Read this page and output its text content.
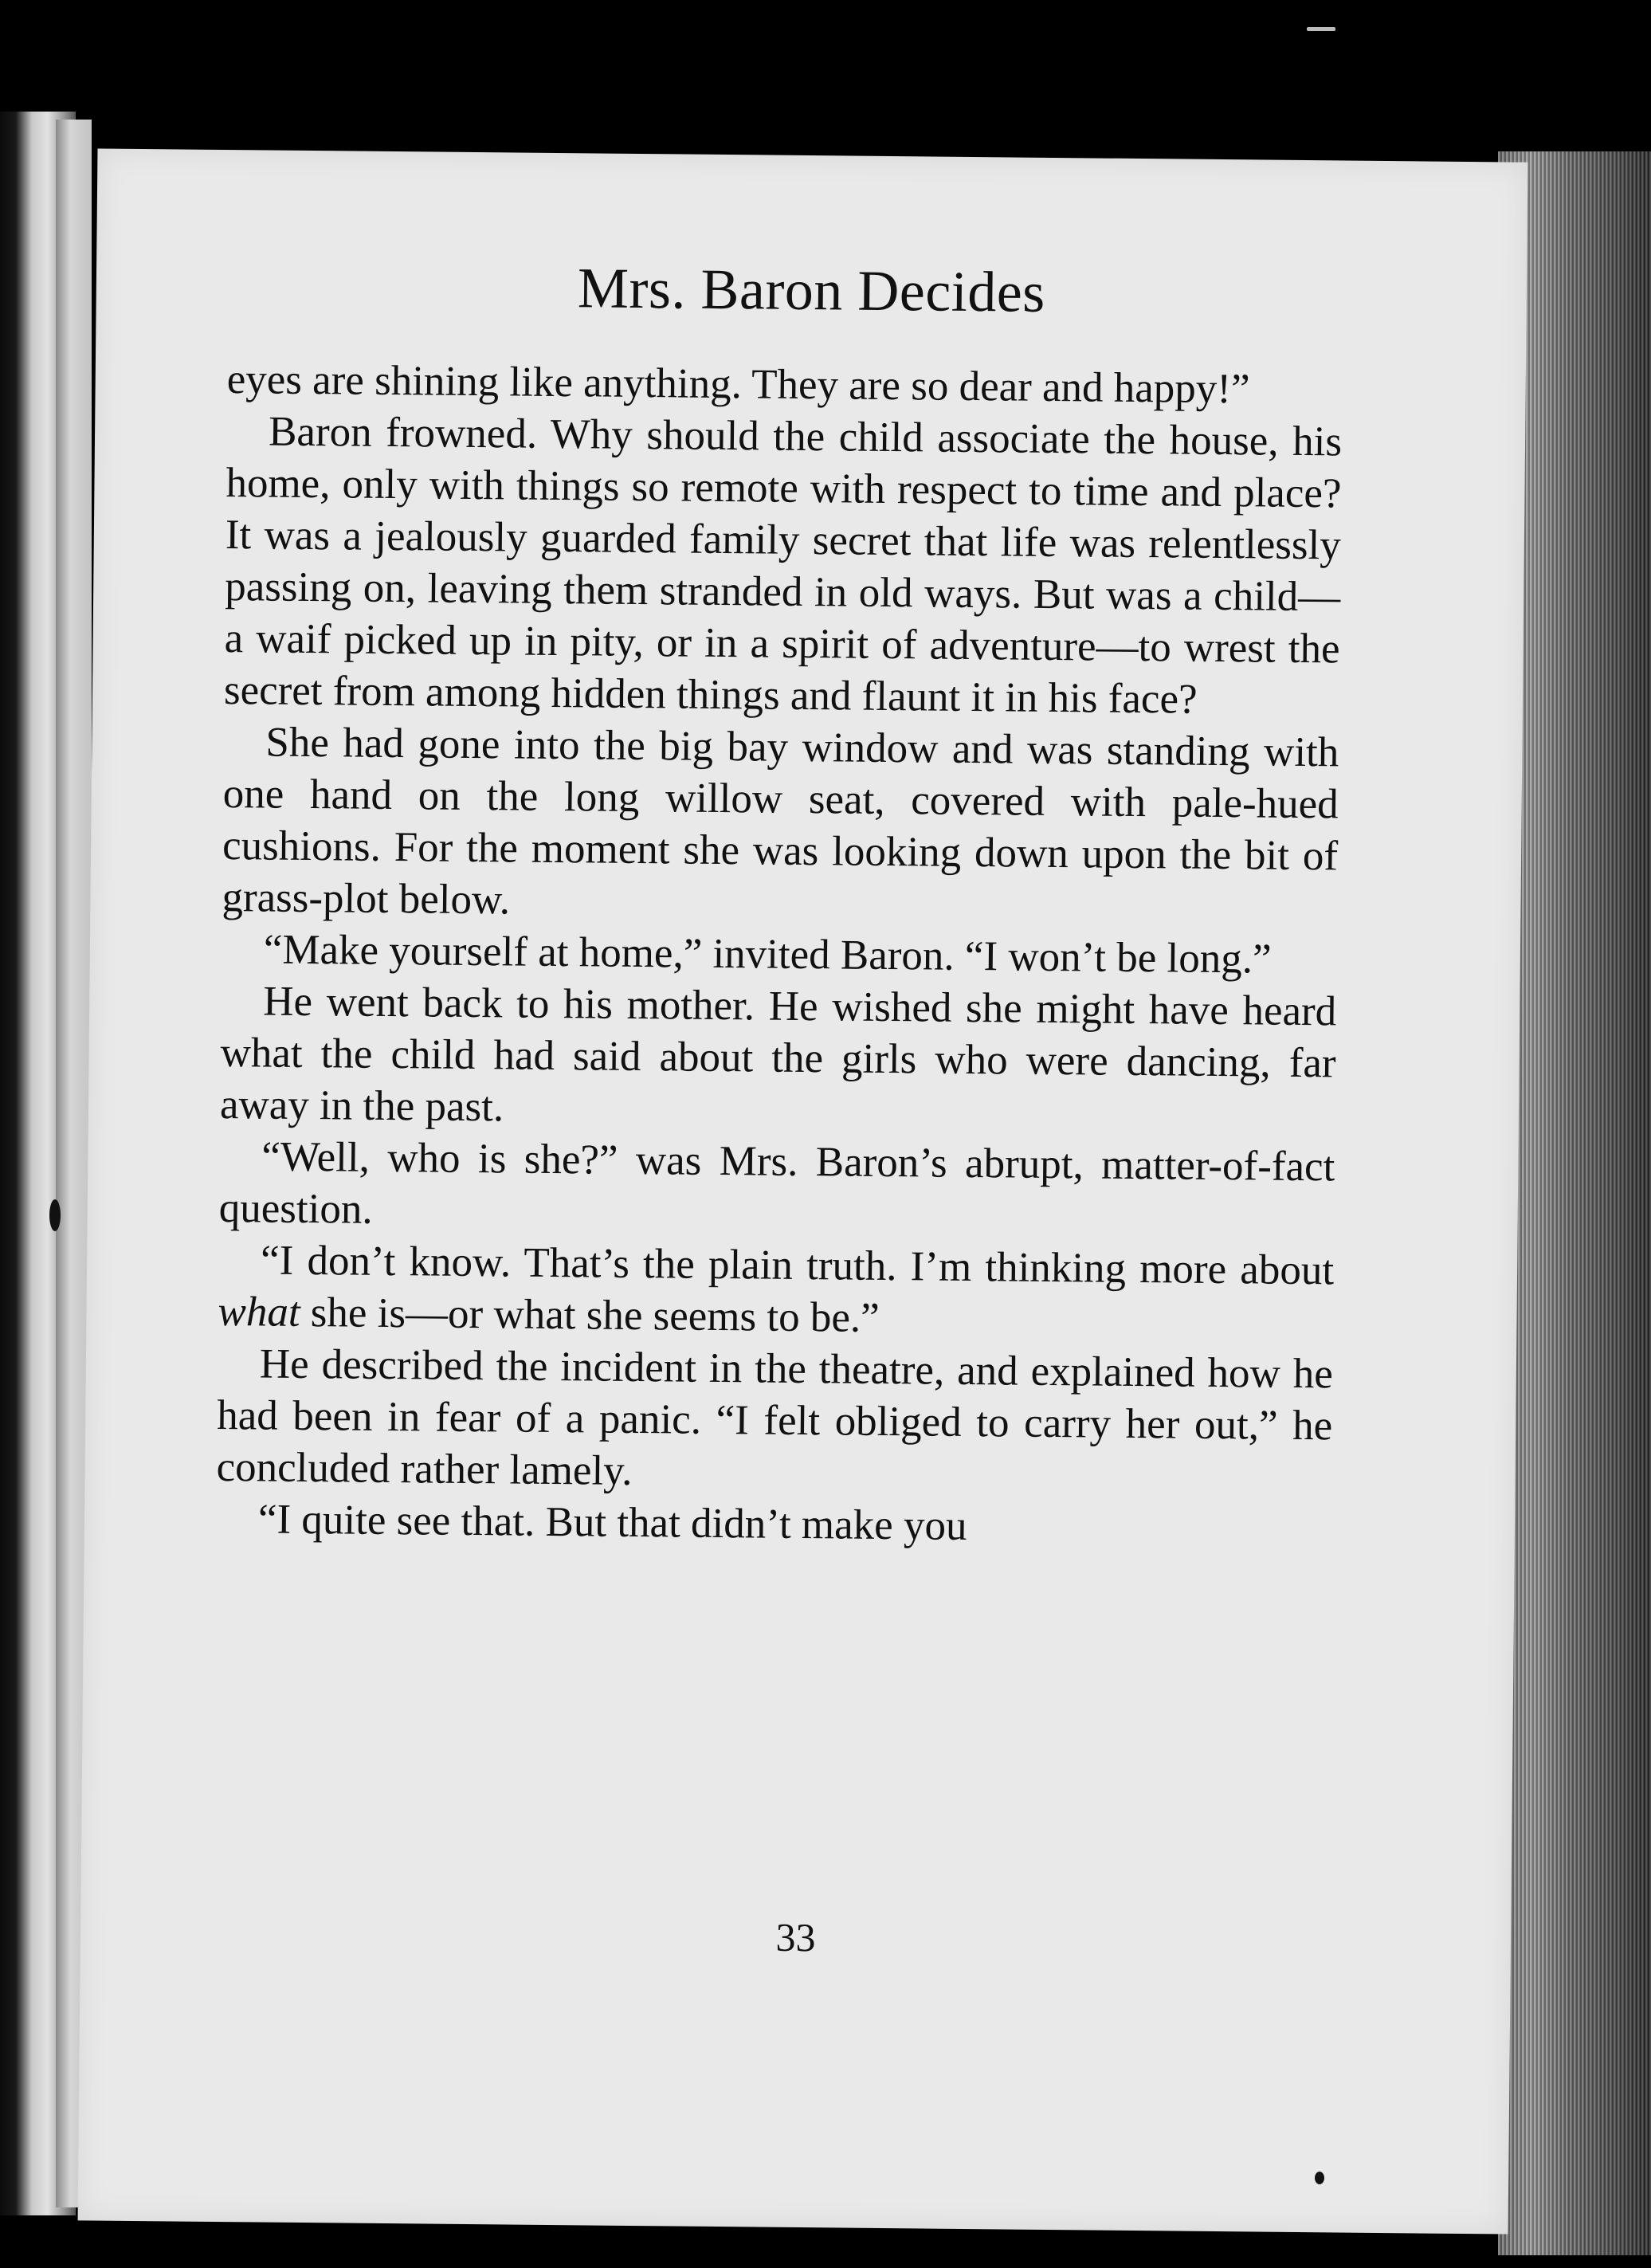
Mrs. Baron Decides

eyes are shining like anything. They are so dear and happy!”

Baron frowned. Why should the child associate the house, his home, only with things so remote with respect to time and place? It was a jealously guarded family secret that life was relentlessly passing on, leaving them stranded in old ways. But was a child—a waif picked up in pity, or in a spirit of adventure—to wrest the secret from among hidden things and flaunt it in his face?

She had gone into the big bay window and was standing with one hand on the long willow seat, covered with pale-hued cushions. For the moment she was looking down upon the bit of grass-plot below.

“Make yourself at home,” invited Baron. “I won’t be long.”

He went back to his mother. He wished she might have heard what the child had said about the girls who were dancing, far away in the past.

“Well, who is she?” was Mrs. Baron’s abrupt, matter-of-fact question.

“I don’t know. That’s the plain truth. I’m thinking more about what she is—or what she seems to be.”

He described the incident in the theatre, and explained how he had been in fear of a panic. “I felt obliged to carry her out,” he concluded rather lamely.

“I quite see that. But that didn’t make you

33
